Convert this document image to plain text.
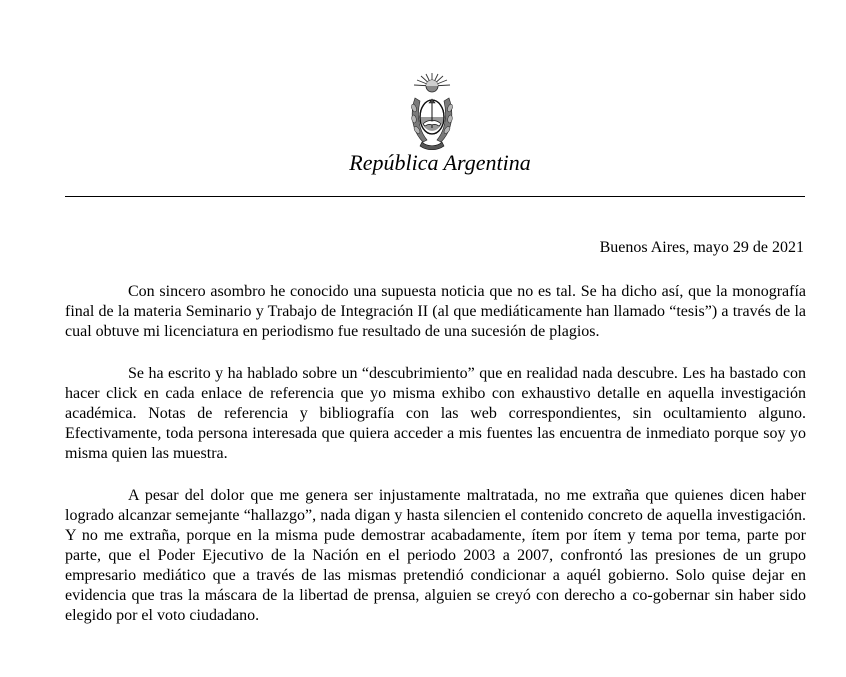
República Argentina
Buenos Aires, mayo 29 de 2021

Con sincero asombro he conocido una supuesta noticia que no es tal. Se ha dicho así, que la monografía final de la materia Seminario y Trabajo de Integración II (al que mediáticamente han llamado “tesis”) a través de la cual obtuve mi licenciatura en periodismo fue resultado de una sucesión de plagios.

Se ha escrito y ha hablado sobre un “descubrimiento” que en realidad nada descubre. Les ha bastado con hacer click en cada enlace de referencia que yo misma exhibo con exhaustivo detalle en aquella investigación académica. Notas de referencia y bibliografía con las web correspondientes, sin ocultamiento alguno. Efectivamente, toda persona interesada que quiera acceder a mis fuentes las encuentra de inmediato porque soy yo misma quien las muestra.

A pesar del dolor que me genera ser injustamente maltratada, no me extraña que quienes dicen haber logrado alcanzar semejante “hallazgo”, nada digan y hasta silencien el contenido concreto de aquella investigación. Y no me extraña, porque en la misma pude demostrar acabadamente, ítem por ítem y tema por tema, parte por parte, que el Poder Ejecutivo de la Nación en el periodo 2003 a 2007, confrontó las presiones de un grupo empresario mediático que a través de las mismas pretendió condicionar a aquél gobierno. Solo quise dejar en evidencia que tras la máscara de la libertad de prensa, alguien se creyó con derecho a co-gobernar sin haber sido elegido por el voto ciudadano.
